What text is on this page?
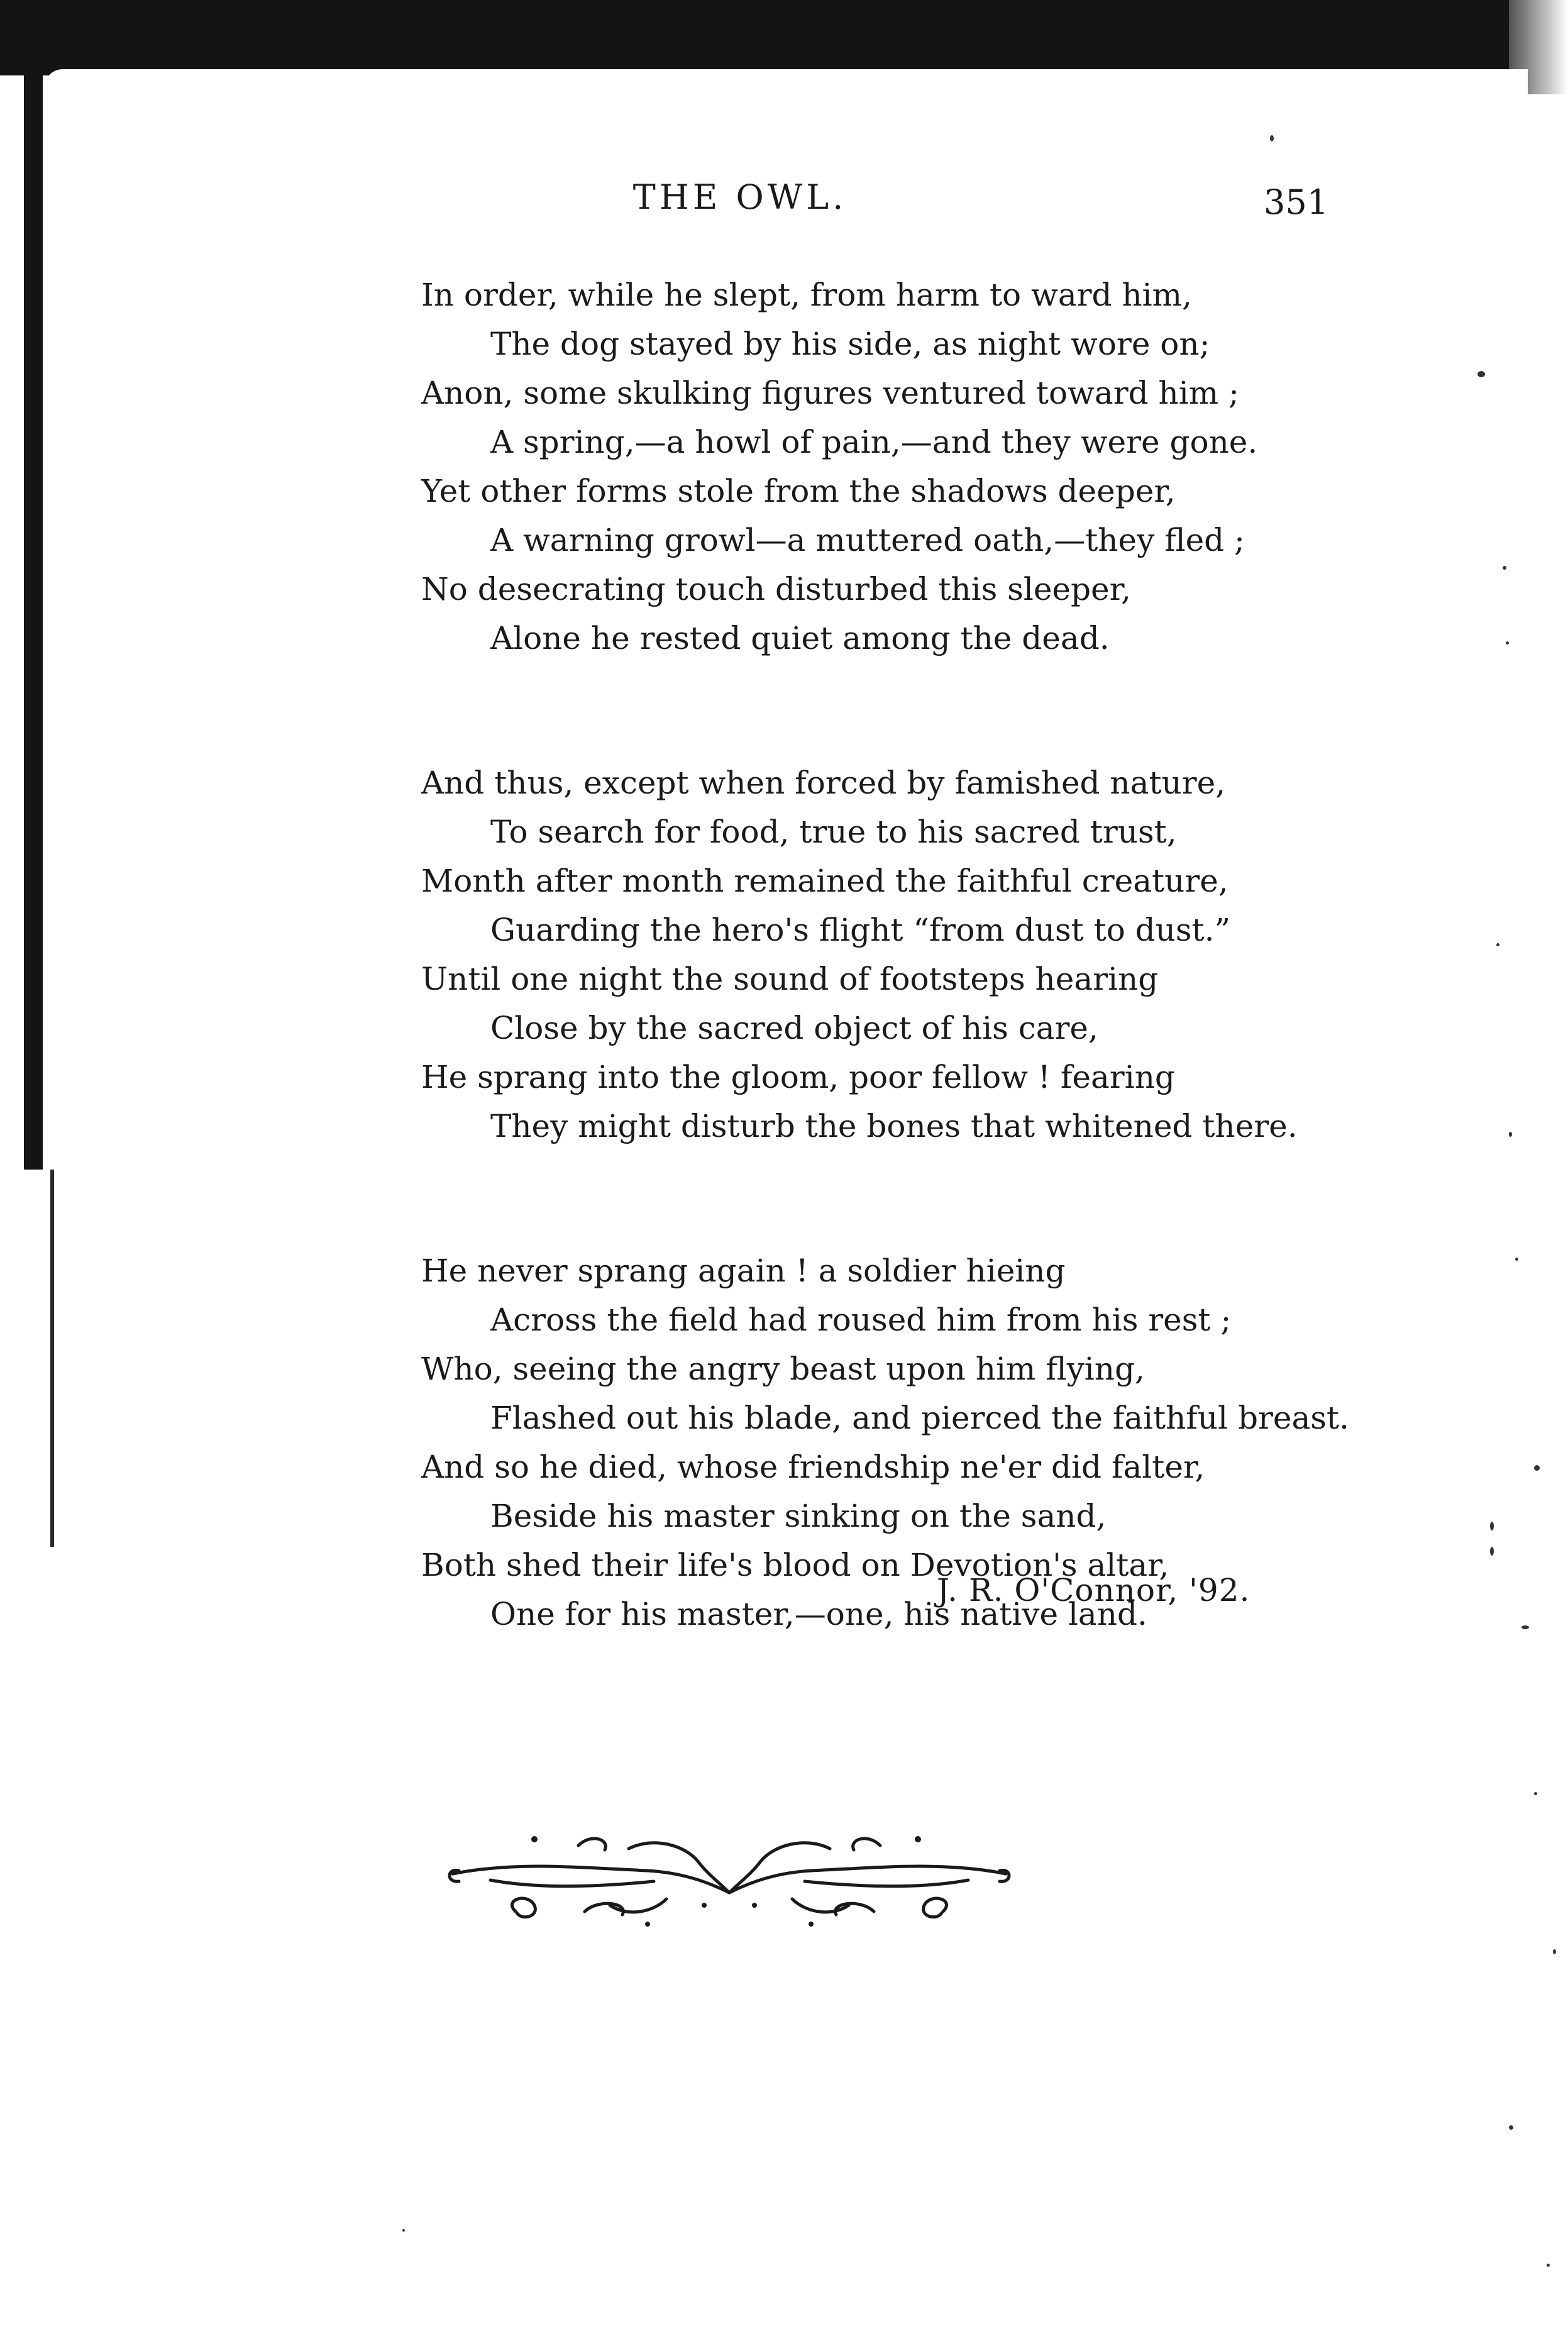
THE OWL.	351
In order, while he slept, from harm to ward him,
The dog stayed by his side, as night wore on;
Anon, some skulking figures ventured toward him ;
A spring,—a howl of pain,—and they were gone.
Yet other forms stole from the shadows deeper,
A warning growl—a muttered oath,—they fled ;
No desecrating touch disturbed this sleeper,
Alone he rested quiet among the dead.
And thus, except when forced by famished nature,
To search for food, true to his sacred trust,
Month after month remained the faithful creature,
Guarding the hero's flight “from dust to dust.”
Until one night the sound of footsteps hearing
Close by the sacred object of his care,
He sprang into the gloom, poor fellow ! fearing
They might disturb the bones that whitened there.
He never sprang again ! a soldier hieing
Across the field had roused him from his rest ;
Who, seeing the angry beast upon him flying,
Flashed out his blade, and pierced the faithful breast.
And so he died, whose friendship ne'er did falter,
Beside his master sinking on the sand,
Both shed their life's blood on Devotion's altar,
One for his master,—one, his native land.
J. R. O'Connor, '92.
